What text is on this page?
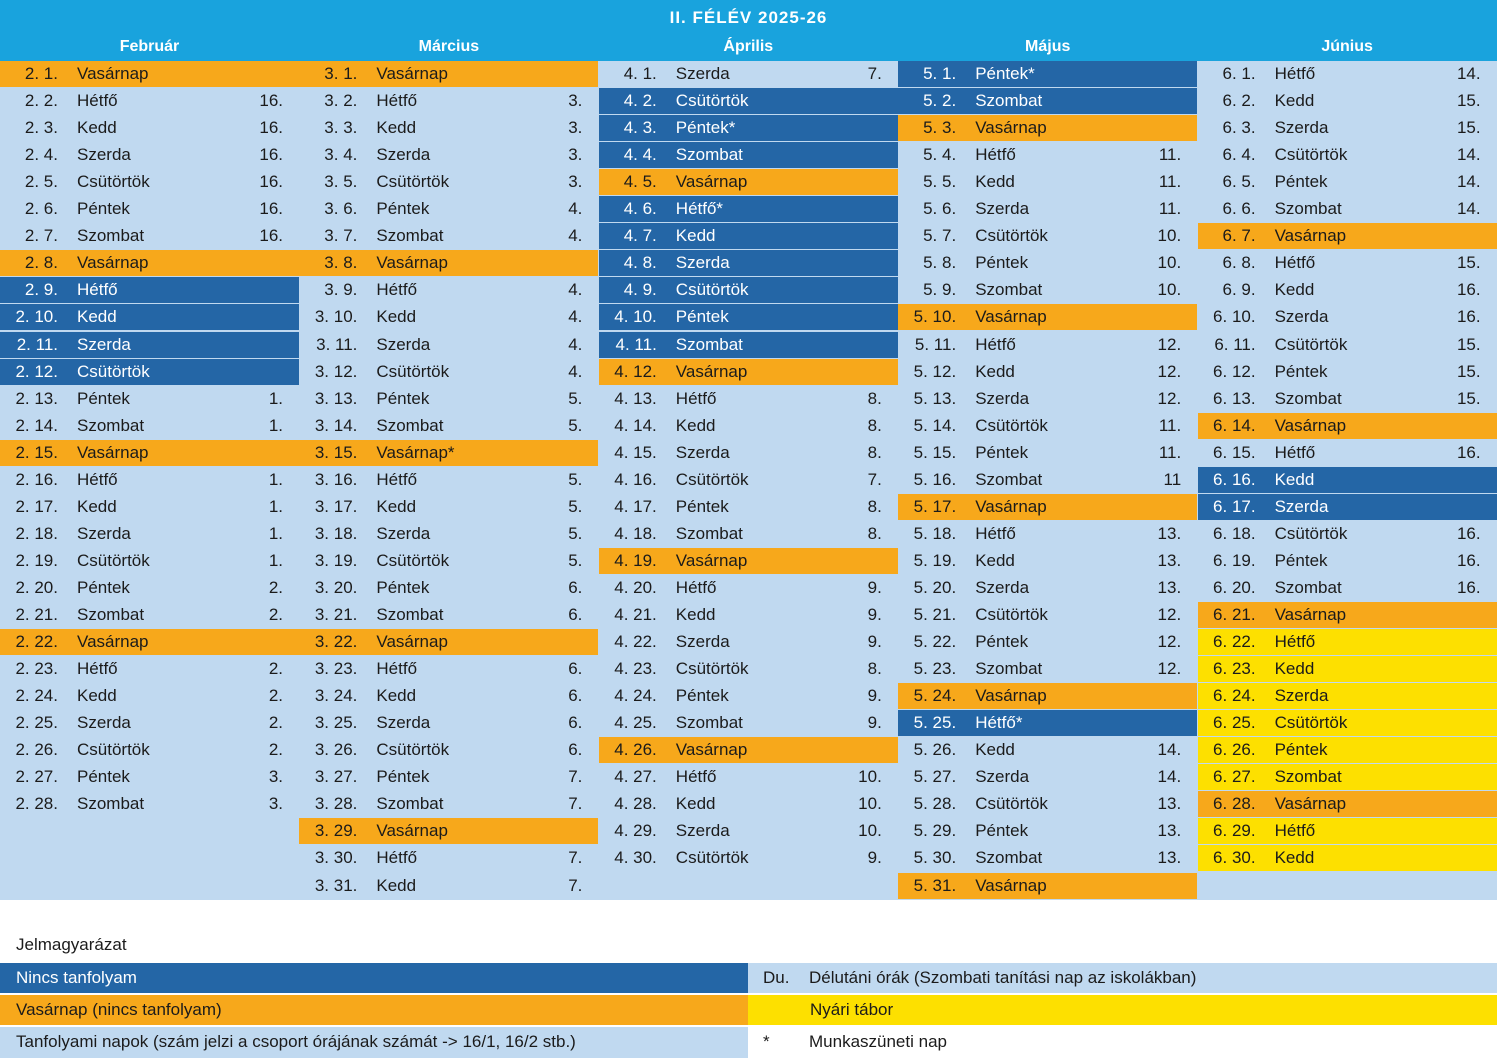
II. FÉLÉV 2025-26
Február	Március	Április	Május	Június
2. 1. Vasárnap
2. 2. Hétfő	16.
2. 3. Kedd	16.
2. 4. Szerda	16.
2. 5. Csütörtök	16.
2. 6. Péntek	16.
2. 7. Szombat	16.
2. 8. Vasárnap
2. 9. Hétfő
2. 10. Kedd
2. 11. Szerda
2. 12. Csütörtök
2. 13. Péntek	1.
2. 14. Szombat	1.
2. 15. Vasárnap
2. 16. Hétfő	1.
2. 17. Kedd	1.
2. 18. Szerda	1.
2. 19. Csütörtök	1.
2. 20. Péntek	2.
2. 21. Szombat	2.
2. 22. Vasárnap
2. 23. Hétfő	2.
2. 24. Kedd	2.
2. 25. Szerda	2.
2. 26. Csütörtök	2.
2. 27. Péntek	3.
2. 28. Szombat	3.
3. 1. Vasárnap
3. 2. Hétfő	3.
3. 3. Kedd	3.
3. 4. Szerda	3.
3. 5. Csütörtök	3.
3. 6. Péntek	4.
3. 7. Szombat	4.
3. 8. Vasárnap
3. 9. Hétfő	4.
3. 10. Kedd	4.
3. 11. Szerda	4.
3. 12. Csütörtök	4.
3. 13. Péntek	5.
3. 14. Szombat	5.
3. 15. Vasárnap*
3. 16. Hétfő	5.
3. 17. Kedd	5.
3. 18. Szerda	5.
3. 19. Csütörtök	5.
3. 20. Péntek	6.
3. 21. Szombat	6.
3. 22. Vasárnap
3. 23. Hétfő	6.
3. 24. Kedd	6.
3. 25. Szerda	6.
3. 26. Csütörtök	6.
3. 27. Péntek	7.
3. 28. Szombat	7.
3. 29. Vasárnap
3. 30. Hétfő	7.
3. 31. Kedd	7.
4. 1. Szerda	7.
4. 2. Csütörtök
4. 3. Péntek*
4. 4. Szombat
4. 5. Vasárnap
4. 6. Hétfő*
4. 7. Kedd
4. 8. Szerda
4. 9. Csütörtök
4. 10. Péntek
4. 11. Szombat
4. 12. Vasárnap
4. 13. Hétfő	8.
4. 14. Kedd	8.
4. 15. Szerda	8.
4. 16. Csütörtök	7.
4. 17. Péntek	8.
4. 18. Szombat	8.
4. 19. Vasárnap
4. 20. Hétfő	9.
4. 21. Kedd	9.
4. 22. Szerda	9.
4. 23. Csütörtök	8.
4. 24. Péntek	9.
4. 25. Szombat	9.
4. 26. Vasárnap
4. 27. Hétfő	10.
4. 28. Kedd	10.
4. 29. Szerda	10.
4. 30. Csütörtök	9.
5. 1. Péntek*
5. 2. Szombat
5. 3. Vasárnap
5. 4. Hétfő	11.
5. 5. Kedd	11.
5. 6. Szerda	11.
5. 7. Csütörtök	10.
5. 8. Péntek	10.
5. 9. Szombat	10.
5. 10. Vasárnap
5. 11. Hétfő	12.
5. 12. Kedd	12.
5. 13. Szerda	12.
5. 14. Csütörtök	11.
5. 15. Péntek	11.
5. 16. Szombat	11
5. 17. Vasárnap
5. 18. Hétfő	13.
5. 19. Kedd	13.
5. 20. Szerda	13.
5. 21. Csütörtök	12.
5. 22. Péntek	12.
5. 23. Szombat	12.
5. 24. Vasárnap
5. 25. Hétfő*
5. 26. Kedd	14.
5. 27. Szerda	14.
5. 28. Csütörtök	13.
5. 29. Péntek	13.
5. 30. Szombat	13.
5. 31. Vasárnap
6. 1. Hétfő	14.
6. 2. Kedd	15.
6. 3. Szerda	15.
6. 4. Csütörtök	14.
6. 5. Péntek	14.
6. 6. Szombat	14.
6. 7. Vasárnap
6. 8. Hétfő	15.
6. 9. Kedd	16.
6. 10. Szerda	16.
6. 11. Csütörtök	15.
6. 12. Péntek	15.
6. 13. Szombat	15.
6. 14. Vasárnap
6. 15. Hétfő	16.
6. 16. Kedd
6. 17. Szerda
6. 18. Csütörtök	16.
6. 19. Péntek	16.
6. 20. Szombat	16.
6. 21. Vasárnap
6. 22. Hétfő
6. 23. Kedd
6. 24. Szerda
6. 25. Csütörtök
6. 26. Péntek
6. 27. Szombat
6. 28. Vasárnap
6. 29. Hétfő
6. 30. Kedd
Jelmagyarázat
Nincs tanfolyam	Du. Délutáni órák (Szombati tanítási nap az iskolákban)
Vasárnap (nincs tanfolyam)	Nyári tábor
Tanfolyami napok (szám jelzi a csoport órájának számát -> 16/1, 16/2 stb.)	* Munkaszüneti nap
